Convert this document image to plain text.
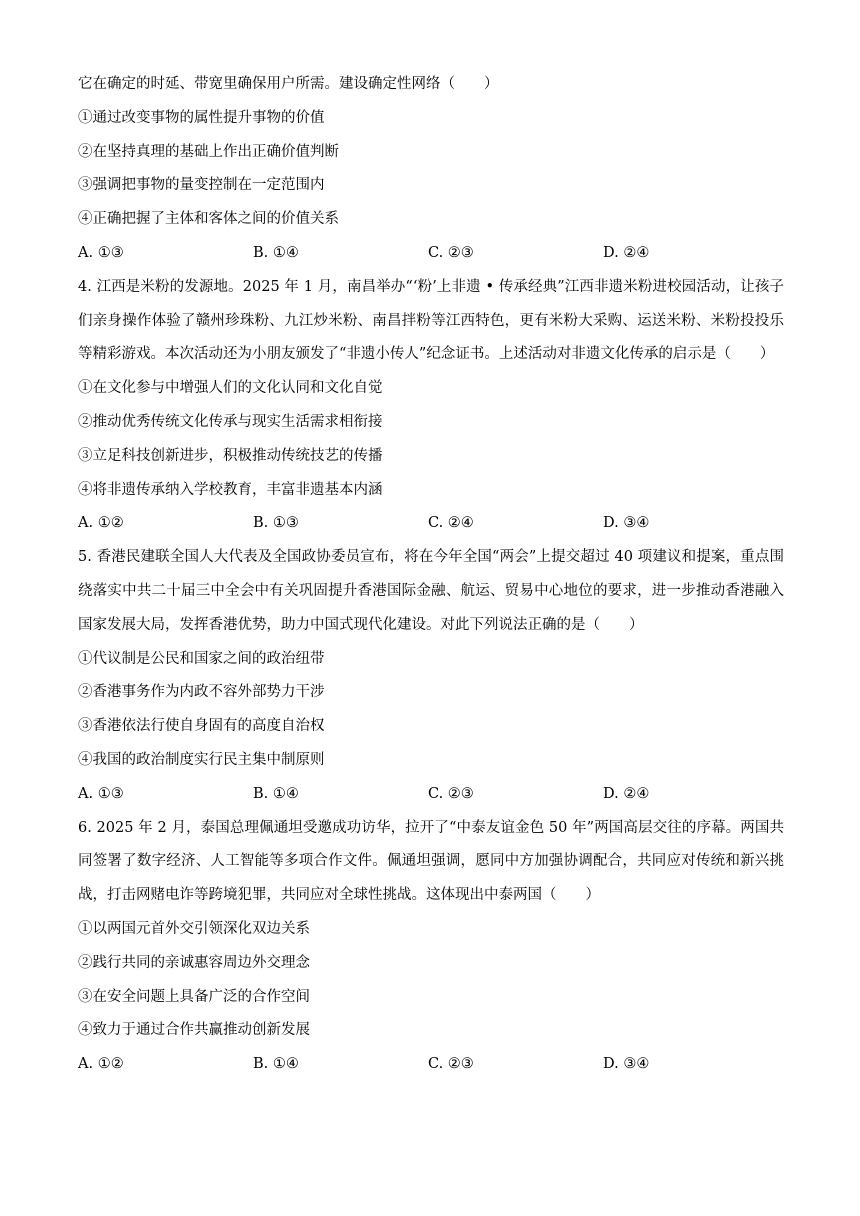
它在确定的时延、带宽里确保用户所需。建设确定性网络（　　）
①通过改变事物的属性提升事物的价值
②在坚持真理的基础上作出正确价值判断
③强调把事物的量变控制在一定范围内
④正确把握了主体和客体之间的价值关系
A. ①③	B. ①④	C. ②③	D. ②④
4. 江西是米粉的发源地。2025 年 1 月，南昌举办“‘粉’上非遗 • 传承经典”江西非遗米粉进校园活动，让孩子们亲身操作体验了赣州珍珠粉、九江炒米粉、南昌拌粉等江西特色，更有米粉大采购、运送米粉、米粉投投乐等精彩游戏。本次活动还为小朋友颁发了“非遗小传人”纪念证书。上述活动对非遗文化传承的启示是（　　）
①在文化参与中增强人们的文化认同和文化自觉
②推动优秀传统文化传承与现实生活需求相衔接
③立足科技创新进步，积极推动传统技艺的传播
④将非遗传承纳入学校教育，丰富非遗基本内涵
A. ①②	B. ①③	C. ②④	D. ③④
5. 香港民建联全国人大代表及全国政协委员宣布，将在今年全国“两会”上提交超过 40 项建议和提案，重点围绕落实中共二十届三中全会中有关巩固提升香港国际金融、航运、贸易中心地位的要求，进一步推动香港融入国家发展大局，发挥香港优势，助力中国式现代化建设。对此下列说法正确的是（　　）
①代议制是公民和国家之间的政治纽带
②香港事务作为内政不容外部势力干涉
③香港依法行使自身固有的高度自治权
④我国的政治制度实行民主集中制原则
A. ①③	B. ①④	C. ②③	D. ②④
6. 2025 年 2 月，泰国总理佩通坦受邀成功访华，拉开了“中泰友谊金色 50 年”两国高层交往的序幕。两国共同签署了数字经济、人工智能等多项合作文件。佩通坦强调，愿同中方加强协调配合，共同应对传统和新兴挑战，打击网赌电诈等跨境犯罪，共同应对全球性挑战。这体现出中泰两国（　　）
①以两国元首外交引领深化双边关系
②践行共同的亲诚惠容周边外交理念
③在安全问题上具备广泛的合作空间
④致力于通过合作共赢推动创新发展
A. ①②	B. ①④	C. ②③	D. ③④
